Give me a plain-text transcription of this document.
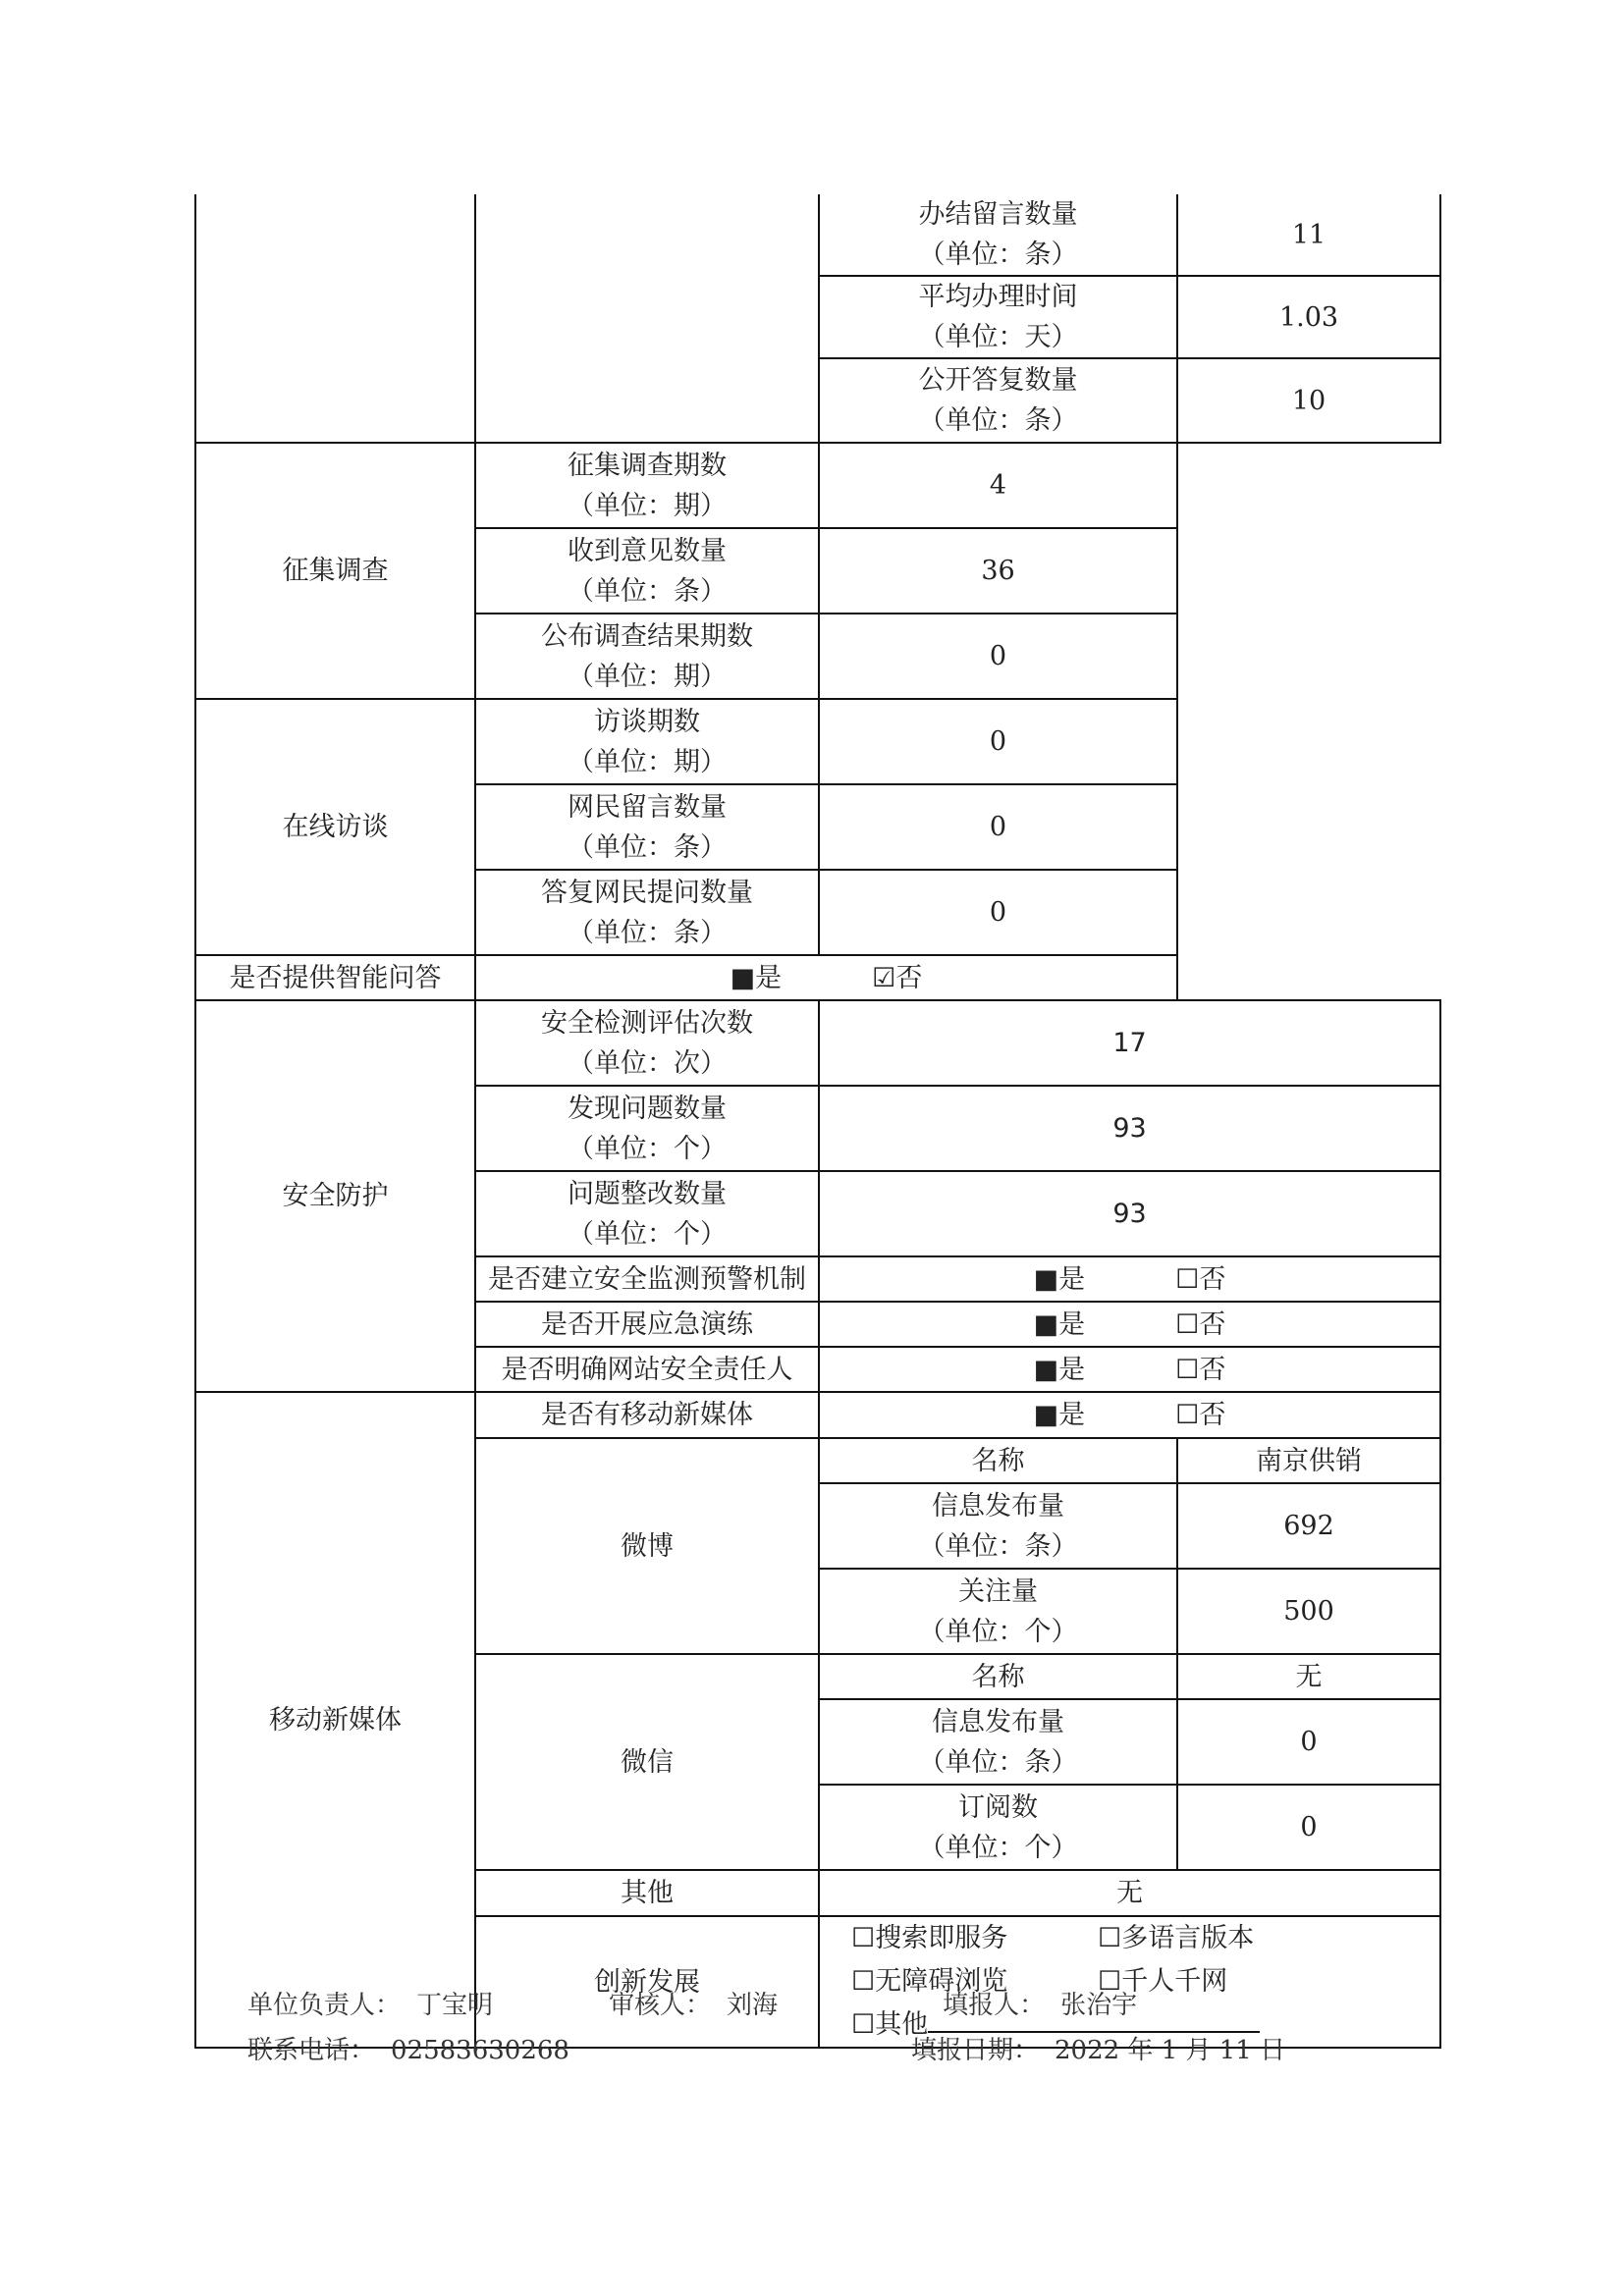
		办结留言数量
（单位：条）	11

		平均办理时间
（单位：天）	1.03

		公开答复数量
（单位：条）	10
征集调查	征集调查期数
（单位：期）	4	

	收到意见数量
（单位：条）	36	

	公布调查结果期数
（单位：期）	0	
在线访谈	访谈期数
（单位：期）	0	

	网民留言数量
（单位：条）	0	

	答复网民提问数量
（单位：条）	0	
是否提供智能问答	■是 ☑否		
安全防护	安全检测评估次数
（单位：次）	17	

	发现问题数量
（单位：个）	93	

	问题整改数量
（单位：个）	93	
	是否建立安全监测预警机制	■是 ☐否	
	是否开展应急演练	■是 ☐否	
	是否明确网站安全责任人	■是 ☐否	
移动新媒体	是否有移动新媒体	■是 ☐否	
	微博	名称	南京供销

		信息发布量
（单位：条）	692

		关注量
（单位：个）	500
	微信	名称	无

		信息发布量
（单位：条）	0

		订阅数
（单位：个）	0
	其他	无	
	创新发展	☐搜索即服务 ☐多语言版本☐无障碍浏览 ☐千人千网
☐其他	
单位负责人： 丁宝明	审核人： 刘海	填报人： 张治宇
联系电话： 02583630268	填报日期： 2022 年 1 月 11 日
